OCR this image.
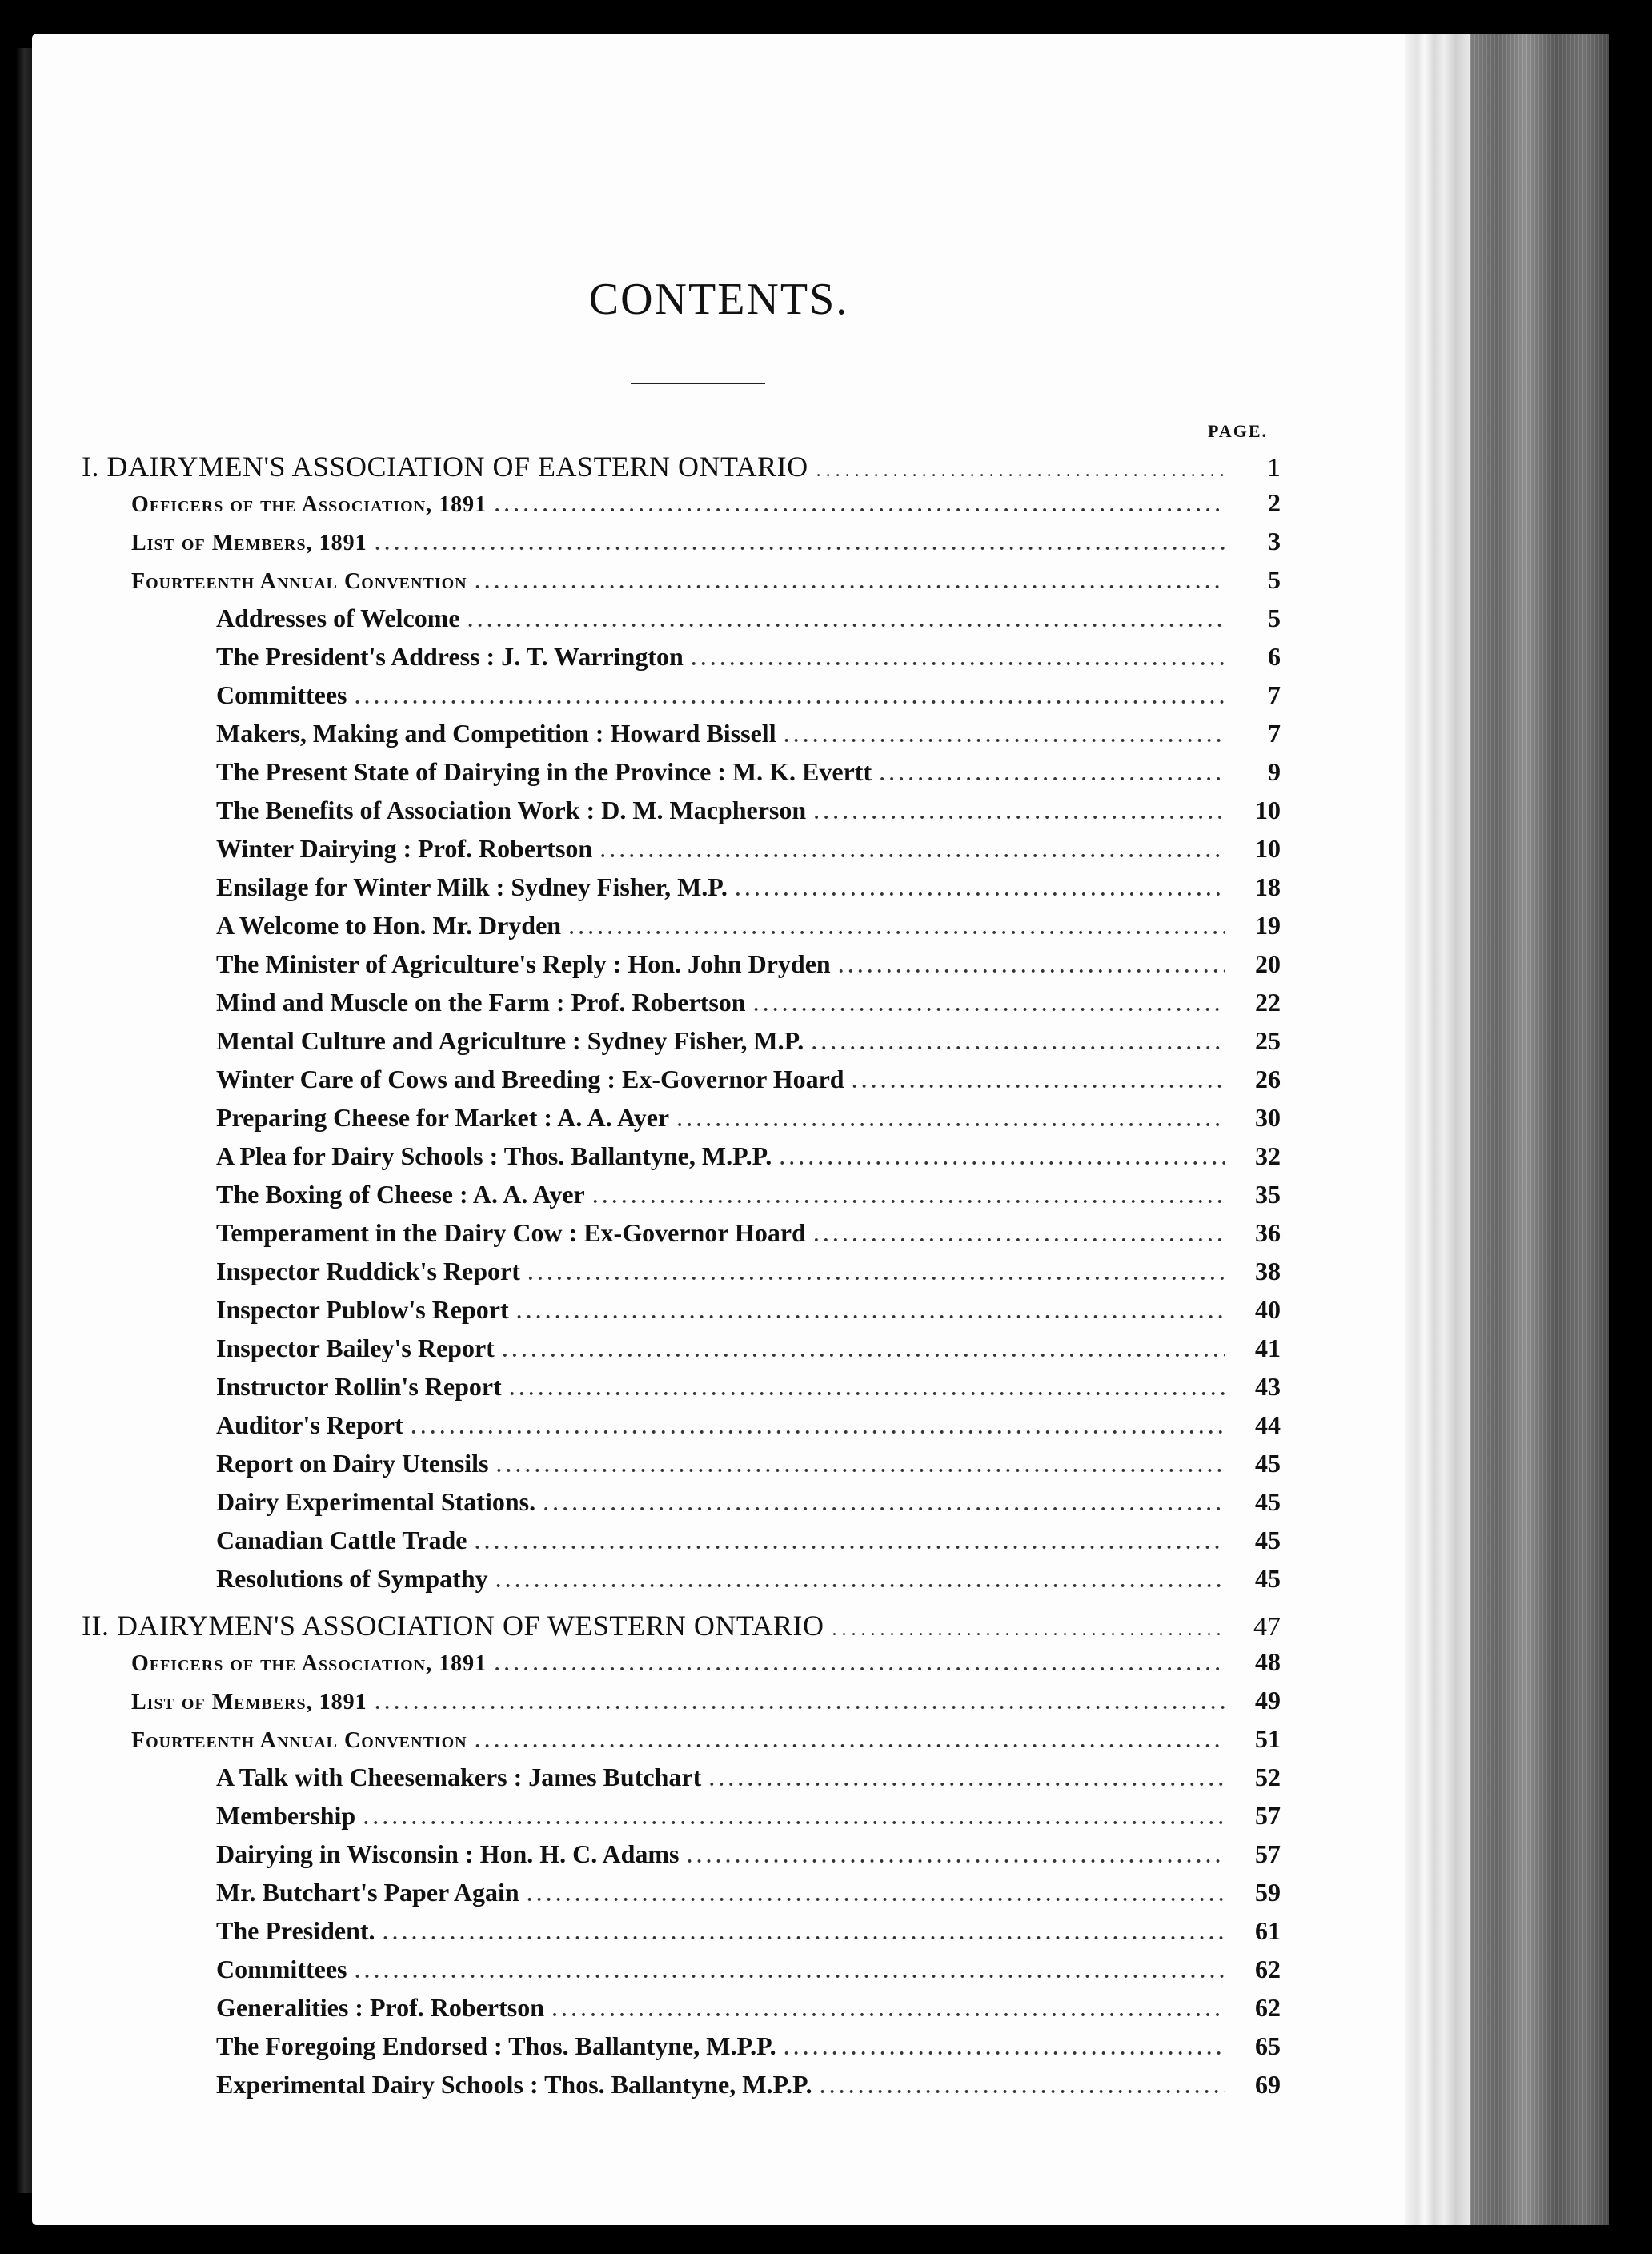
CONTENTS.
PAGE.
I. DAIRYMEN'S ASSOCIATION OF EASTERN ONTARIO .....	1
Officers of the Association, 1891 .....	2
List of Members, 1891 .....	3
Fourteenth Annual Convention .....	5
Addresses of Welcome .....	5
The President's Address : J. T. Warrington .....	6
Committees .....	7
Makers, Making and Competition : Howard Bissell .....	7
The Present State of Dairying in the Province : M. K. Evertt .....	9
The Benefits of Association Work : D. M. Macpherson .....	10
Winter Dairying : Prof. Robertson .....	10
Ensilage for Winter Milk : Sydney Fisher, M.P. .....	18
A Welcome to Hon. Mr. Dryden .....	19
The Minister of Agriculture's Reply : Hon. John Dryden .....	20
Mind and Muscle on the Farm : Prof. Robertson .....	22
Mental Culture and Agriculture : Sydney Fisher, M.P. .....	25
Winter Care of Cows and Breeding : Ex-Governor Hoard .....	26
Preparing Cheese for Market : A. A. Ayer .....	30
A Plea for Dairy Schools : Thos. Ballantyne, M.P.P. .....	32
The Boxing of Cheese : A. A. Ayer .....	35
Temperament in the Dairy Cow : Ex-Governor Hoard .....	36
Inspector Ruddick's Report .....	38
Inspector Publow's Report .....	40
Inspector Bailey's Report .....	41
Instructor Rollin's Report .....	43
Auditor's Report .....	44
Report on Dairy Utensils .....	45
Dairy Experimental Stations. .....	45
Canadian Cattle Trade .....	45
Resolutions of Sympathy .....	45
II. DAIRYMEN'S ASSOCIATION OF WESTERN ONTARIO .....	47
Officers of the Association, 1891 .....	48
List of Members, 1891 .....	49
Fourteenth Annual Convention .....	51
A Talk with Cheesemakers : James Butchart .....	52
Membership .....	57
Dairying in Wisconsin : Hon. H. C. Adams .....	57
Mr. Butchart's Paper Again .....	59
The President. .....	61
Committees .....	62
Generalities : Prof. Robertson .....	62
The Foregoing Endorsed : Thos. Ballantyne, M.P.P. .....	65
Experimental Dairy Schools : Thos. Ballantyne, M.P.P. .....	69
